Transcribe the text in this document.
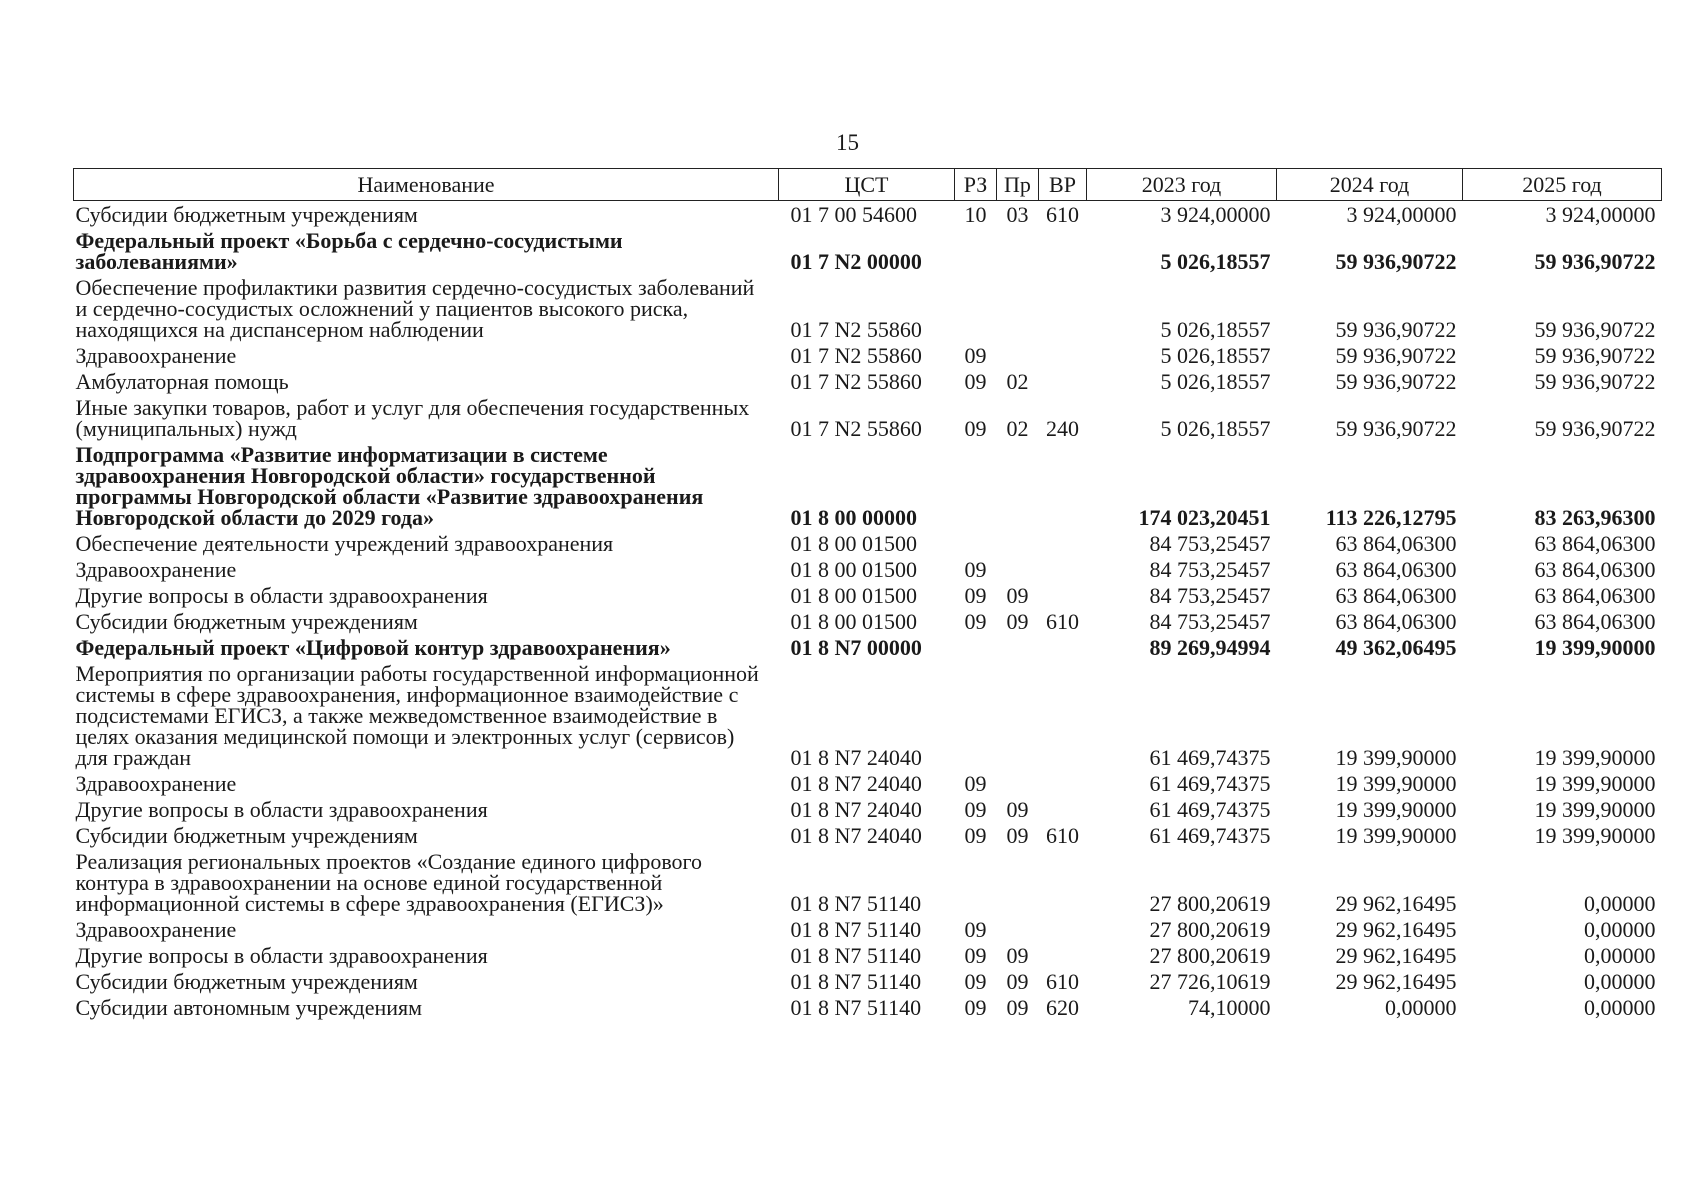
15
Наименование	ЦСТ	РЗ	Пр	ВР	2023 год	2024 год	2025 год
Субсидии бюджетным учреждениям	01 7 00 54600	10	03	610	3 924,00000	3 924,00000	3 924,00000
Федеральный проект «Борьба с сердечно-сосудистыми заболеваниями»	01 7 N2 00000				5 026,18557	59 936,90722	59 936,90722
Обеспечение профилактики развития сердечно-сосудистых заболеваний и сердечно-сосудистых осложнений у пациентов высокого риска, находящихся на диспансерном наблюдении	01 7 N2 55860				5 026,18557	59 936,90722	59 936,90722
Здравоохранение	01 7 N2 55860	09			5 026,18557	59 936,90722	59 936,90722
Амбулаторная помощь	01 7 N2 55860	09	02		5 026,18557	59 936,90722	59 936,90722
Иные закупки товаров, работ и услуг для обеспечения государственных (муниципальных) нужд	01 7 N2 55860	09	02	240	5 026,18557	59 936,90722	59 936,90722
Подпрограмма «Развитие информатизации в системе здравоохранения Новгородской области» государственной программы Новгородской области «Развитие здравоохранения Новгородской области до 2029 года»	01 8 00 00000				174 023,20451	113 226,12795	83 263,96300
Обеспечение деятельности учреждений здравоохранения	01 8 00 01500				84 753,25457	63 864,06300	63 864,06300
Здравоохранение	01 8 00 01500	09			84 753,25457	63 864,06300	63 864,06300
Другие вопросы в области здравоохранения	01 8 00 01500	09	09		84 753,25457	63 864,06300	63 864,06300
Субсидии бюджетным учреждениям	01 8 00 01500	09	09	610	84 753,25457	63 864,06300	63 864,06300
Федеральный проект «Цифровой контур здравоохранения»	01 8 N7 00000				89 269,94994	49 362,06495	19 399,90000
Мероприятия по организации работы государственной информационной системы в сфере здравоохранения, информационное взаимодействие с подсистемами ЕГИСЗ, а также межведомственное взаимодействие в целях оказания медицинской помощи и электронных услуг (сервисов) для граждан	01 8 N7 24040				61 469,74375	19 399,90000	19 399,90000
Здравоохранение	01 8 N7 24040	09			61 469,74375	19 399,90000	19 399,90000
Другие вопросы в области здравоохранения	01 8 N7 24040	09	09		61 469,74375	19 399,90000	19 399,90000
Субсидии бюджетным учреждениям	01 8 N7 24040	09	09	610	61 469,74375	19 399,90000	19 399,90000
Реализация региональных проектов «Создание единого цифрового контура в здравоохранении на основе единой государственной информационной системы в сфере здравоохранения (ЕГИСЗ)»	01 8 N7 51140				27 800,20619	29 962,16495	0,00000
Здравоохранение	01 8 N7 51140	09			27 800,20619	29 962,16495	0,00000
Другие вопросы в области здравоохранения	01 8 N7 51140	09	09		27 800,20619	29 962,16495	0,00000
Субсидии бюджетным учреждениям	01 8 N7 51140	09	09	610	27 726,10619	29 962,16495	0,00000
Субсидии автономным учреждениям	01 8 N7 51140	09	09	620	74,10000	0,00000	0,00000
